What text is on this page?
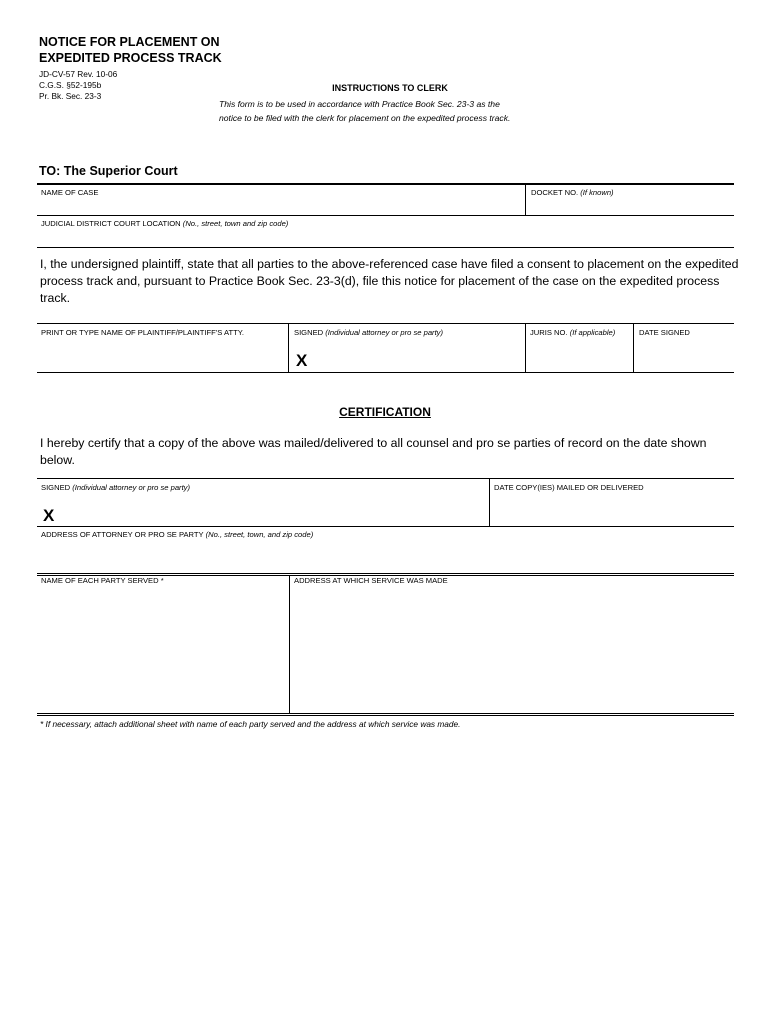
NOTICE FOR PLACEMENT ON
EXPEDITED PROCESS TRACK
JD-CV-57 Rev. 10-06
C.G.S. §52-195b
Pr. Bk. Sec. 23-3
INSTRUCTIONS TO CLERK
This form is to be used in accordance with Practice Book Sec. 23-3 as the
notice to be filed with the clerk for placement on the expedited process track.
TO: The Superior Court
NAME OF CASE	DOCKET NO. (If known)
JUDICIAL DISTRICT COURT LOCATION (No., street, town and zip code)
I, the undersigned plaintiff, state that all parties to the above-referenced case have filed a consent to placement on the expedited process track and, pursuant to Practice Book Sec. 23-3(d), file this notice for placement of the case on the expedited process track.
PRINT OR TYPE NAME OF PLAINTIFF/PLAINTIFF'S ATTY.	SIGNED (Individual attorney or pro se party)	JURIS NO. (If applicable)	DATE SIGNED
X
CERTIFICATION
I hereby certify that a copy of the above was mailed/delivered to all counsel and pro se parties of record on the date shown below.
SIGNED (Individual attorney or pro se party)	DATE COPY(IES) MAILED OR DELIVERED
X
ADDRESS OF ATTORNEY OR PRO SE PARTY (No., street, town, and zip code)
NAME OF EACH PARTY SERVED *	ADDRESS AT WHICH SERVICE WAS MADE
* If necessary, attach additional sheet with name of each party served and the address at which service was made.
